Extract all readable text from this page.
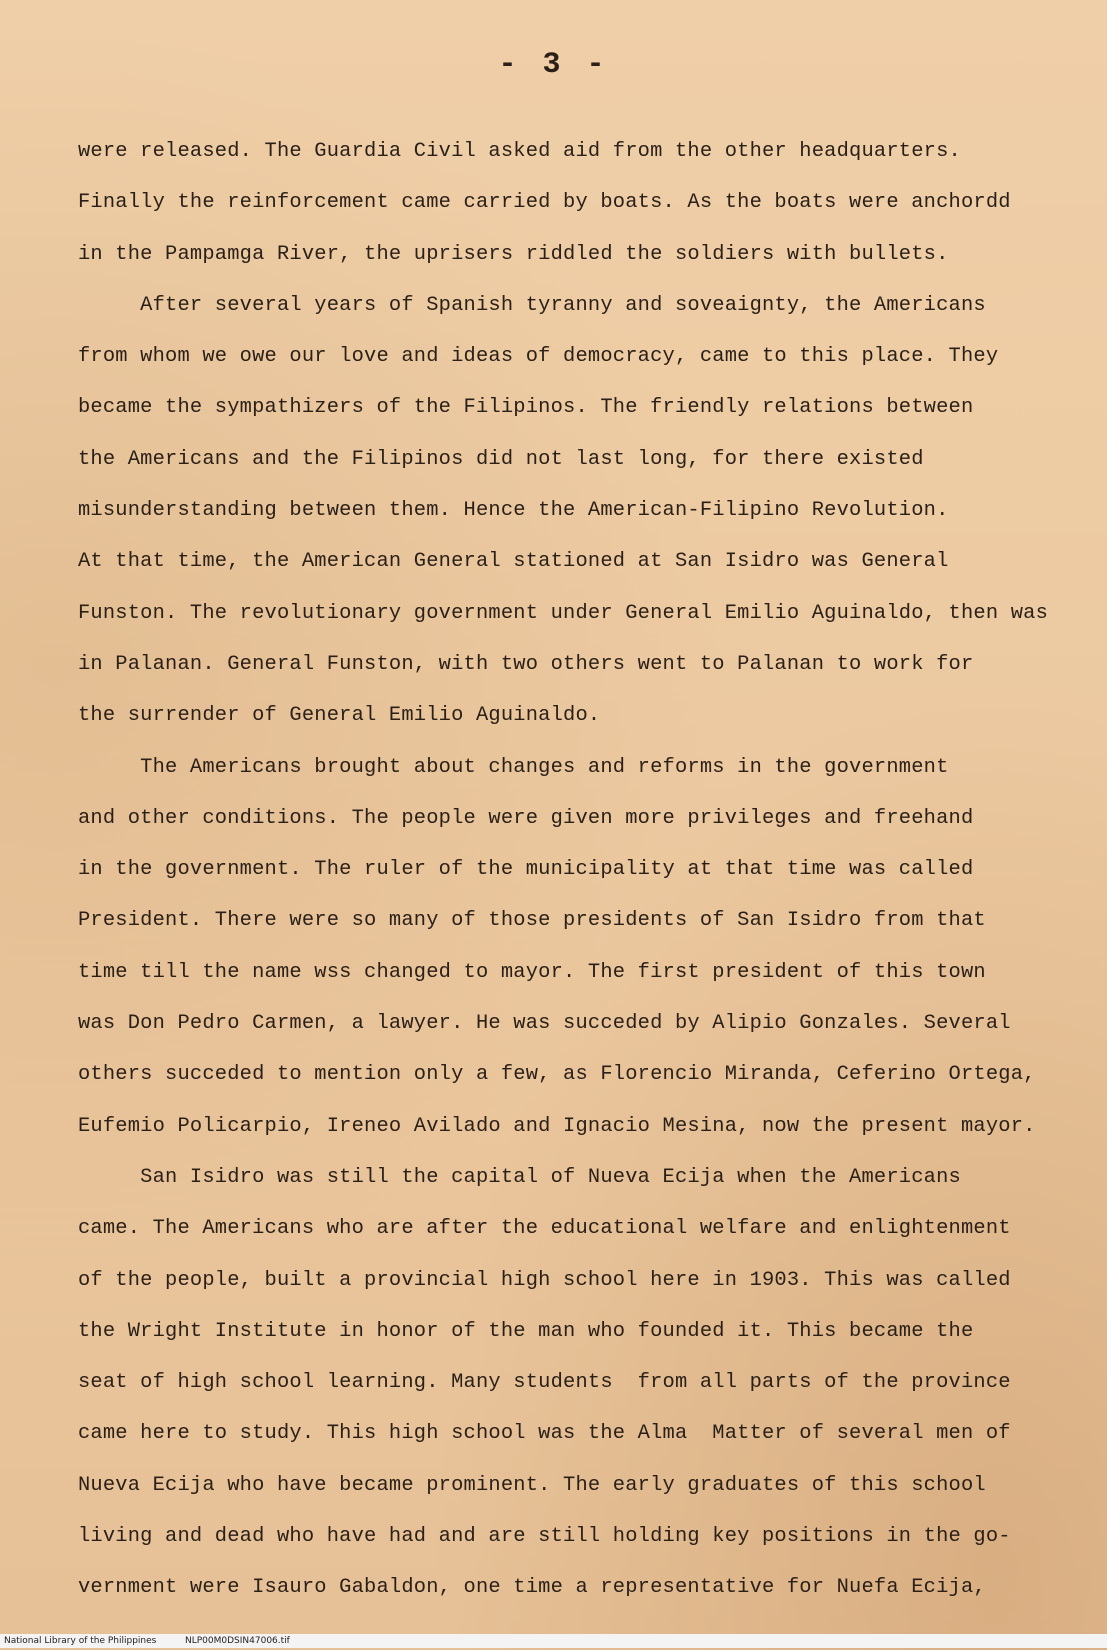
- 3 -
were released. The Guardia Civil asked aid from the other headquarters.
Finally the reinforcement came carried by boats. As the boats were anchordd
in the Pampamga River, the uprisers riddled the soldiers with bullets.
After several years of Spanish tyranny and soveaignty, the Americans
from whom we owe our love and ideas of democracy, came to this place. They
became the sympathizers of the Filipinos. The friendly relations between
the Americans and the Filipinos did not last long, for there existed
misunderstanding between them. Hence the American-Filipino Revolution.
At that time, the American General stationed at San Isidro was General
Funston. The revolutionary government under General Emilio Aguinaldo, then was
in Palanan. General Funston, with two others went to Palanan to work for
the surrender of General Emilio Aguinaldo.
The Americans brought about changes and reforms in the government
and other conditions. The people were given more privileges and freehand
in the government. The ruler of the municipality at that time was called
President. There were so many of those presidents of San Isidro from that
time till the name wss changed to mayor. The first president of this town
was Don Pedro Carmen, a lawyer. He was succeded by Alipio Gonzales. Several
others succeded to mention only a few, as Florencio Miranda, Ceferino Ortega,
Eufemio Policarpio, Ireneo Avilado and Ignacio Mesina, now the present mayor.
San Isidro was still the capital of Nueva Ecija when the Americans
came. The Americans who are after the educational welfare and enlightenment
of the people, built a provincial high school here in 1903. This was called
the Wright Institute in honor of the man who founded it. This became the
seat of high school learning. Many students  from all parts of the province
came here to study. This high school was the Alma  Matter of several men of
Nueva Ecija who have became prominent. The early graduates of this school
living and dead who have had and are still holding key positions in the go-
vernment were Isauro Gabaldon, one time a representative for Nuefa Ecija,
National Library of the Philippines	NLP00M0DSIN47006.tif
